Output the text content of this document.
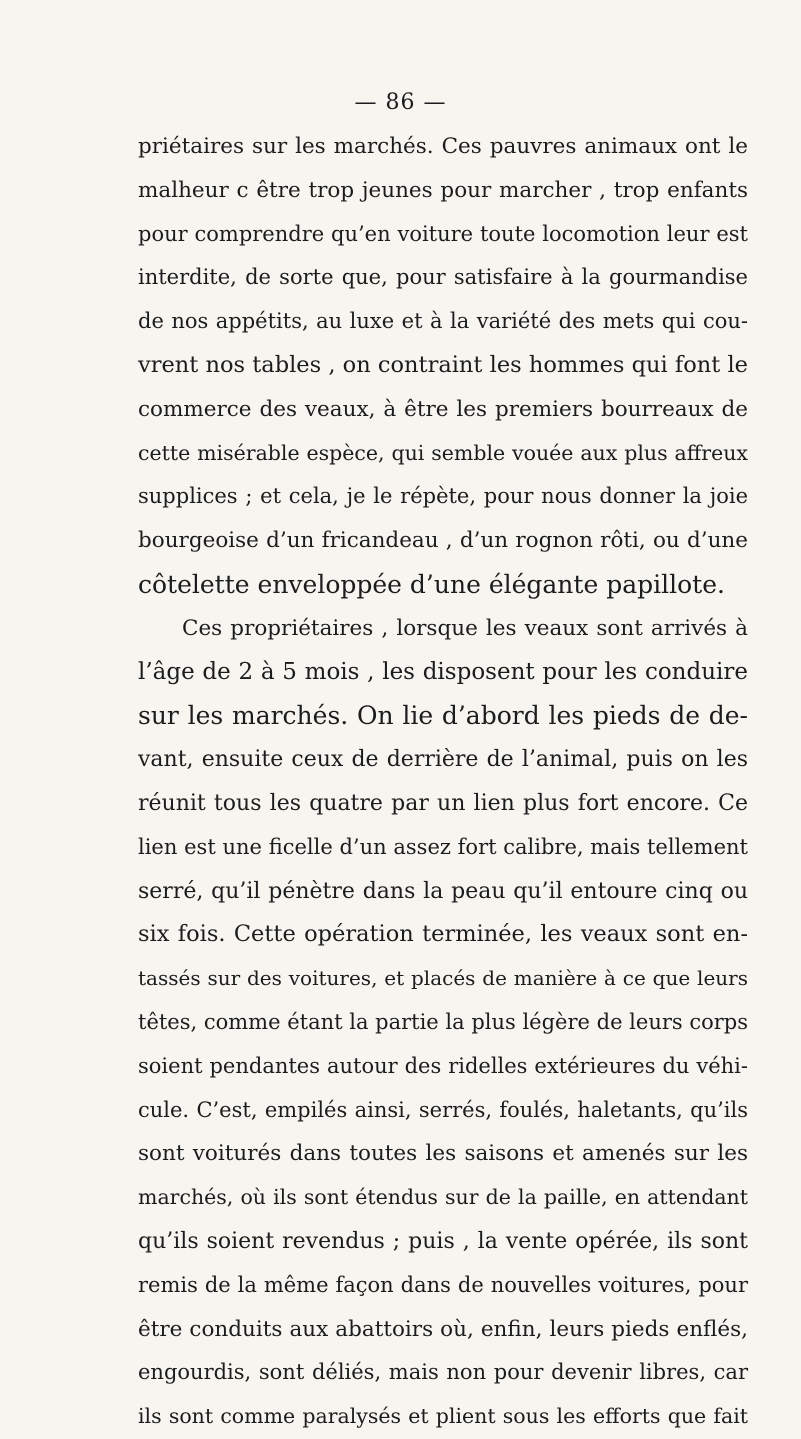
— 86 —
priétaires sur les marchés. Ces pauvres animaux ont le
malheur c être trop jeunes pour marcher , trop enfants
pour comprendre qu’en voiture toute locomotion leur est
interdite, de sorte que, pour satisfaire à la gourmandise
de nos appétits, au luxe et à la variété des mets qui cou-
vrent nos tables , on contraint les hommes qui font le
commerce des veaux, à être les premiers bourreaux de
cette misérable espèce, qui semble vouée aux plus affreux
supplices ; et cela, je le répète, pour nous donner la joie
bourgeoise d’un fricandeau , d’un rognon rôti, ou d’une
côtelette enveloppée d’une élégante papillote.
Ces propriétaires , lorsque les veaux sont arrivés à
l’âge de 2 à 5 mois , les disposent pour les conduire
sur les marchés. On lie d’abord les pieds de de-
vant, ensuite ceux de derrière de l’animal, puis on les
réunit tous les quatre par un lien plus fort encore. Ce
lien est une ficelle d’un assez fort calibre, mais tellement
serré, qu’il pénètre dans la peau qu’il entoure cinq ou
six fois. Cette opération terminée, les veaux sont en-
tassés sur des voitures, et placés de manière à ce que leurs
têtes, comme étant la partie la plus légère de leurs corps
soient pendantes autour des ridelles extérieures du véhi-
cule. C’est, empilés ainsi, serrés, foulés, haletants, qu’ils
sont voiturés dans toutes les saisons et amenés sur les
marchés, où ils sont étendus sur de la paille, en attendant
qu’ils soient revendus ; puis , la vente opérée, ils sont
remis de la même façon dans de nouvelles voitures, pour
être conduits aux abattoirs où, enfin, leurs pieds enflés,
engourdis, sont déliés, mais non pour devenir libres, car
ils sont comme paralysés et plient sous les efforts que fait
